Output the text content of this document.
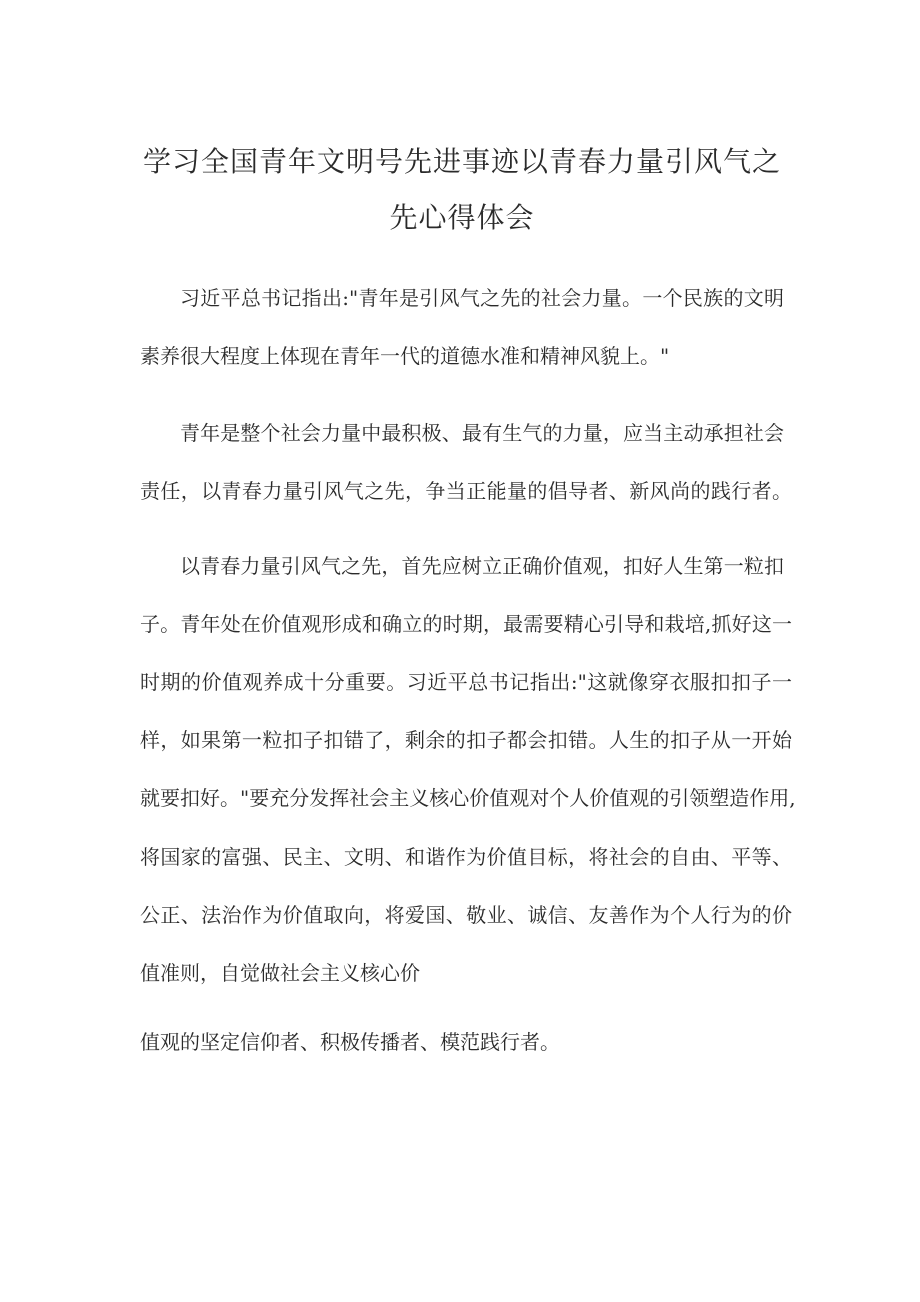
学习全国青年文明号先进事迹以青春力量引风气之
先心得体会
习近平总书记指出:"青年是引风气之先的社会力量。一个民族的文明
素养很大程度上体现在青年一代的道德水准和精神风貌上。"
青年是整个社会力量中最积极、最有生气的力量，应当主动承担社会
责任，以青春力量引风气之先，争当正能量的倡导者、新风尚的践行者。
以青春力量引风气之先，首先应树立正确价值观，扣好人生第一粒扣
子。青年处在价值观形成和确立的时期，最需要精心引导和栽培,抓好这一
时期的价值观养成十分重要。习近平总书记指出:"这就像穿衣服扣扣子一
样，如果第一粒扣子扣错了，剩余的扣子都会扣错。人生的扣子从一开始
就要扣好。"要充分发挥社会主义核心价值观对个人价值观的引领塑造作用,
将国家的富强、民主、文明、和谐作为价值目标，将社会的自由、平等、
公正、法治作为价值取向，将爱国、敬业、诚信、友善作为个人行为的价
值准则，自觉做社会主义核心价
值观的坚定信仰者、积极传播者、模范践行者。
